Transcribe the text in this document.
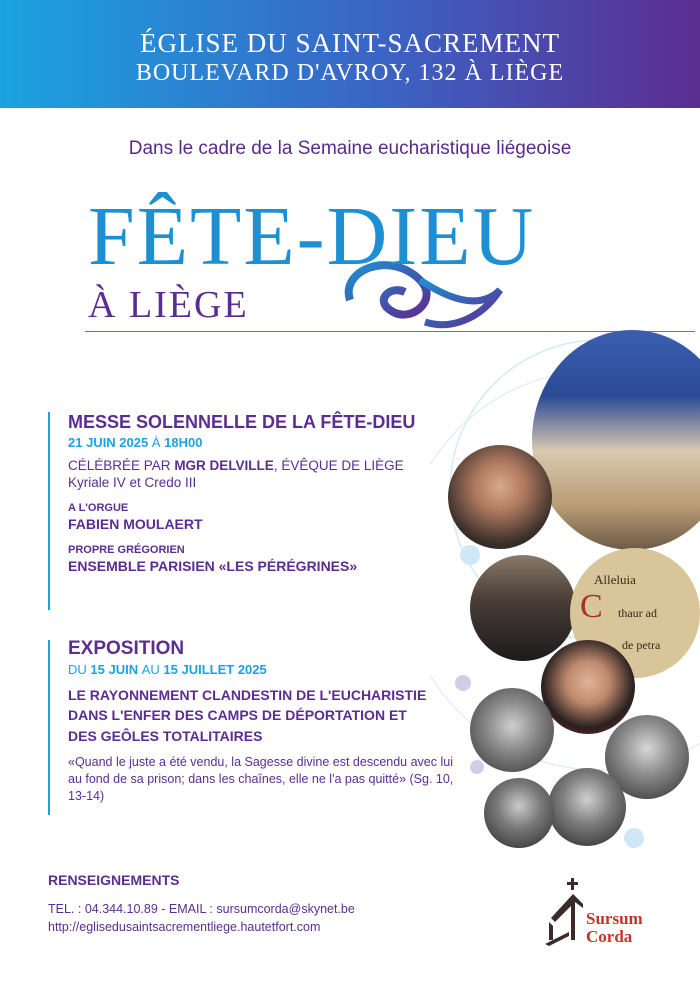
ÉGLISE DU SAINT-SACREMENT
BOULEVARD D'AVROY, 132 À LIÈGE
Dans le cadre de la Semaine eucharistique liégeoise
FÊTE-DIEU
À LIÈGE

MESSE SOLENNELLE DE LA FÊTE-DIEU

21 JUIN 2025 À 18H00

CÉLÉBRÉE PAR MGR DELVILLE, ÉVÊQUE DE LIÈGE

Kyriale IV et Credo III

A L'ORGUE

FABIEN MOULAERT

PROPRE GRÉGORIEN

ENSEMBLE PARISIEN «LES PÉRÉGRINES»

EXPOSITION

DU 15 JUIN AU 15 JUILLET 2025
LE RAYONNEMENT CLANDESTIN DE L'EUCHARISTIE
DANS L'ENFER DES CAMPS DE DÉPORTATION ET
DES GEÔLES TOTALITAIRES
«Quand le juste a été vendu, la Sagesse divine est descendu avec lui au fond de sa prison; dans les chaînes, elle ne l'a pas quitté» (Sg. 10, 13-14)
Alleluia
C thaur ad
de petra
RENSEIGNEMENTS
TEL. : 04.344.10.89 - EMAIL : sursumcorda@skynet.be
http://eglisedusaintsacrementliege.hautetfort.com	Sursum
Corda
